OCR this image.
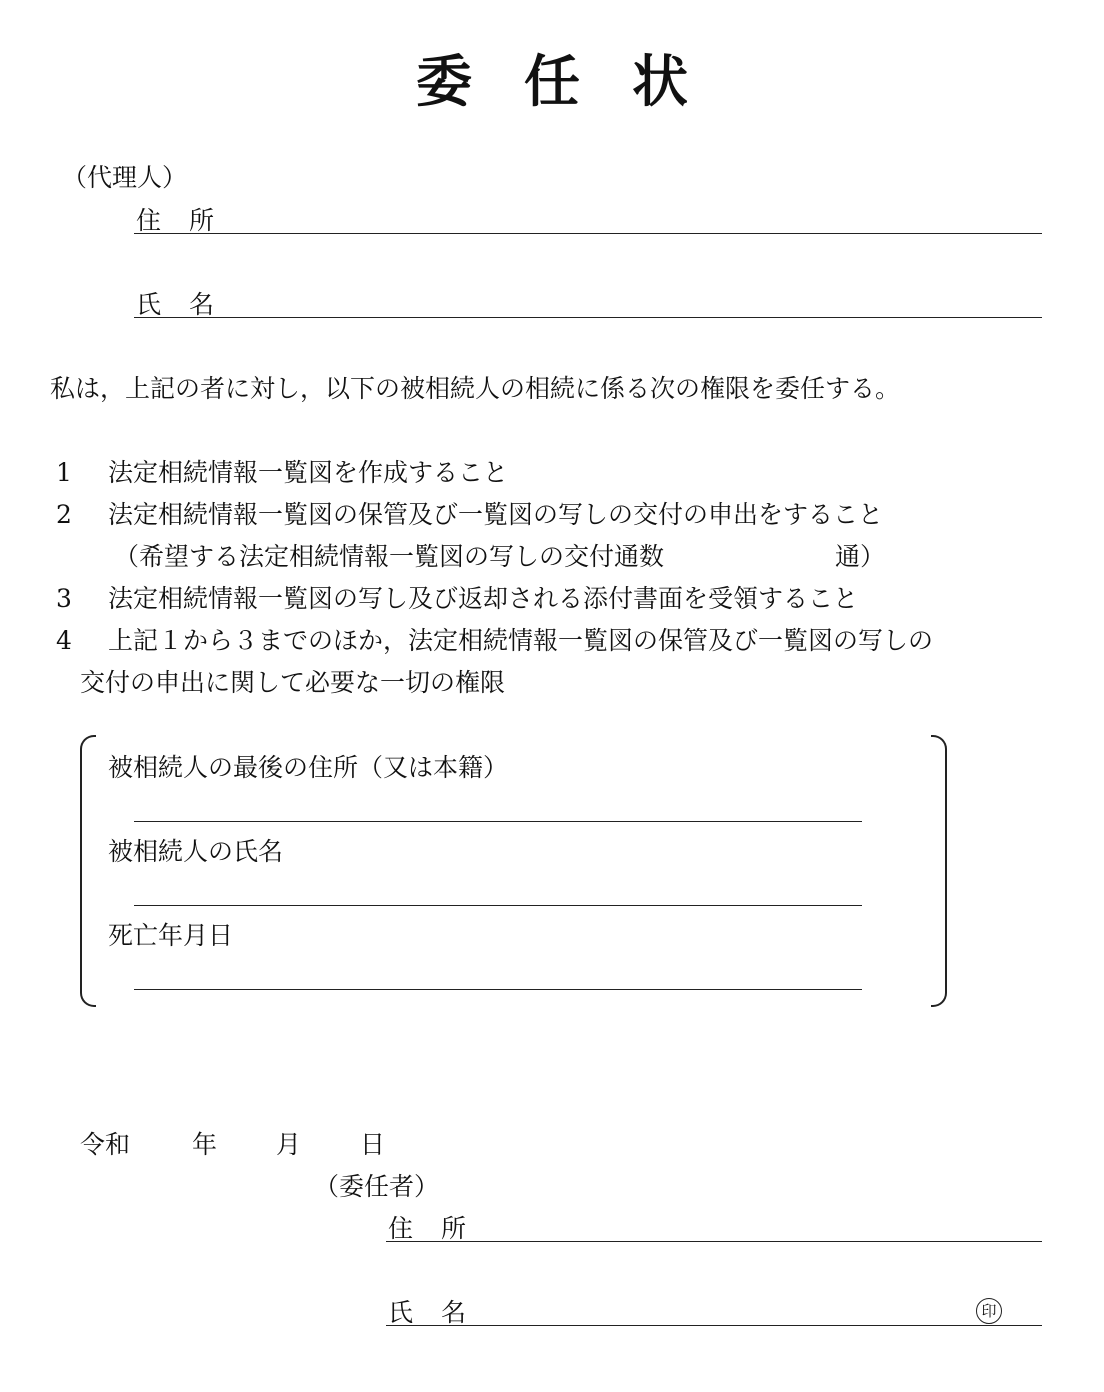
委任状
（代理人）
住所
氏名
私は，上記の者に対し，以下の被相続人の相続に係る次の権限を委任する。
1 法定相続情報一覧図を作成すること
2 法定相続情報一覧図の保管及び一覧図の写しの交付の申出をすること
（希望する法定相続情報一覧図の写しの交付通数	通）
3 法定相続情報一覧図の写し及び返却される添付書面を受領すること
4 上記１から３までのほか，法定相続情報一覧図の保管及び一覧図の写しの
交付の申出に関して必要な一切の権限
被相続人の最後の住所（又は本籍）
被相続人の氏名
死亡年月日
令和 年 月 日
（委任者）
住所
氏名	印
